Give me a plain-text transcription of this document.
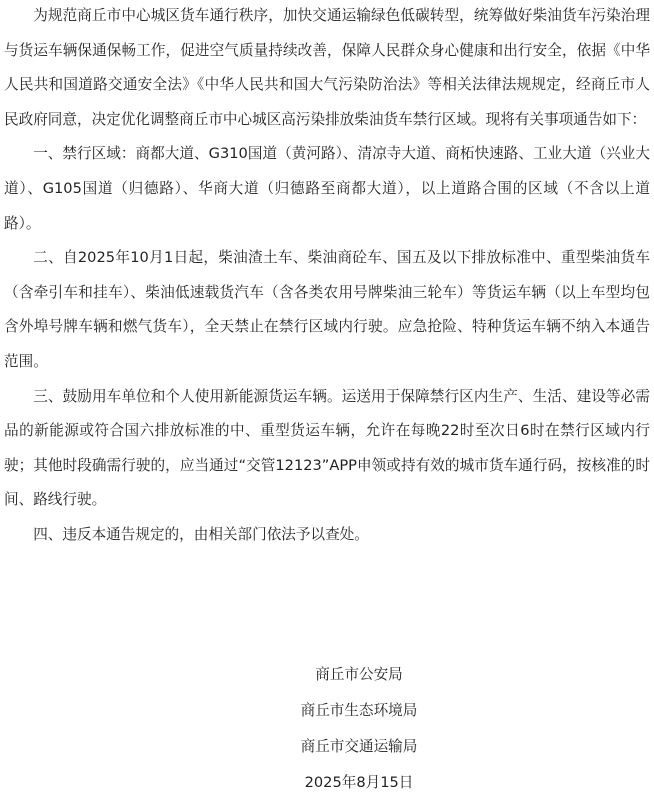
为规范商丘市中心城区货车通行秩序，加快交通运输绿色低碳转型，统筹做好柴油货车污染治理与货运车辆保通保畅工作，促进空气质量持续改善，保障人民群众身心健康和出行安全，依据《中华人民共和国道路交通安全法》《中华人民共和国大气污染防治法》等相关法律法规规定，经商丘市人民政府同意，决定优化调整商丘市中心城区高污染排放柴油货车禁行区域。现将有关事项通告如下：

一、禁行区域：商都大道、G310国道（黄河路）、清凉寺大道、商柘快速路、工业大道（兴业大道）、G105国道（归德路）、华商大道（归德路至商都大道），以上道路合围的区域（不含以上道路）。

二、自2025年10月1日起，柴油渣土车、柴油商砼车、国五及以下排放标准中、重型柴油货车（含牵引车和挂车）、柴油低速载货汽车（含各类农用号牌柴油三轮车）等货运车辆（以上车型均包含外埠号牌车辆和燃气货车），全天禁止在禁行区域内行驶。应急抢险、特种货运车辆不纳入本通告范围。

三、鼓励用车单位和个人使用新能源货运车辆。运送用于保障禁行区内生产、生活、建设等必需品的新能源或符合国六排放标准的中、重型货运车辆，允许在每晚22时至次日6时在禁行区域内行驶；其他时段确需行驶的，应当通过“交管12123”APP申领或持有效的城市货车通行码，按核准的时间、路线行驶。

四、违反本通告规定的，由相关部门依法予以查处。

商丘市公安局

商丘市生态环境局

商丘市交通运输局

2025年8月15日
